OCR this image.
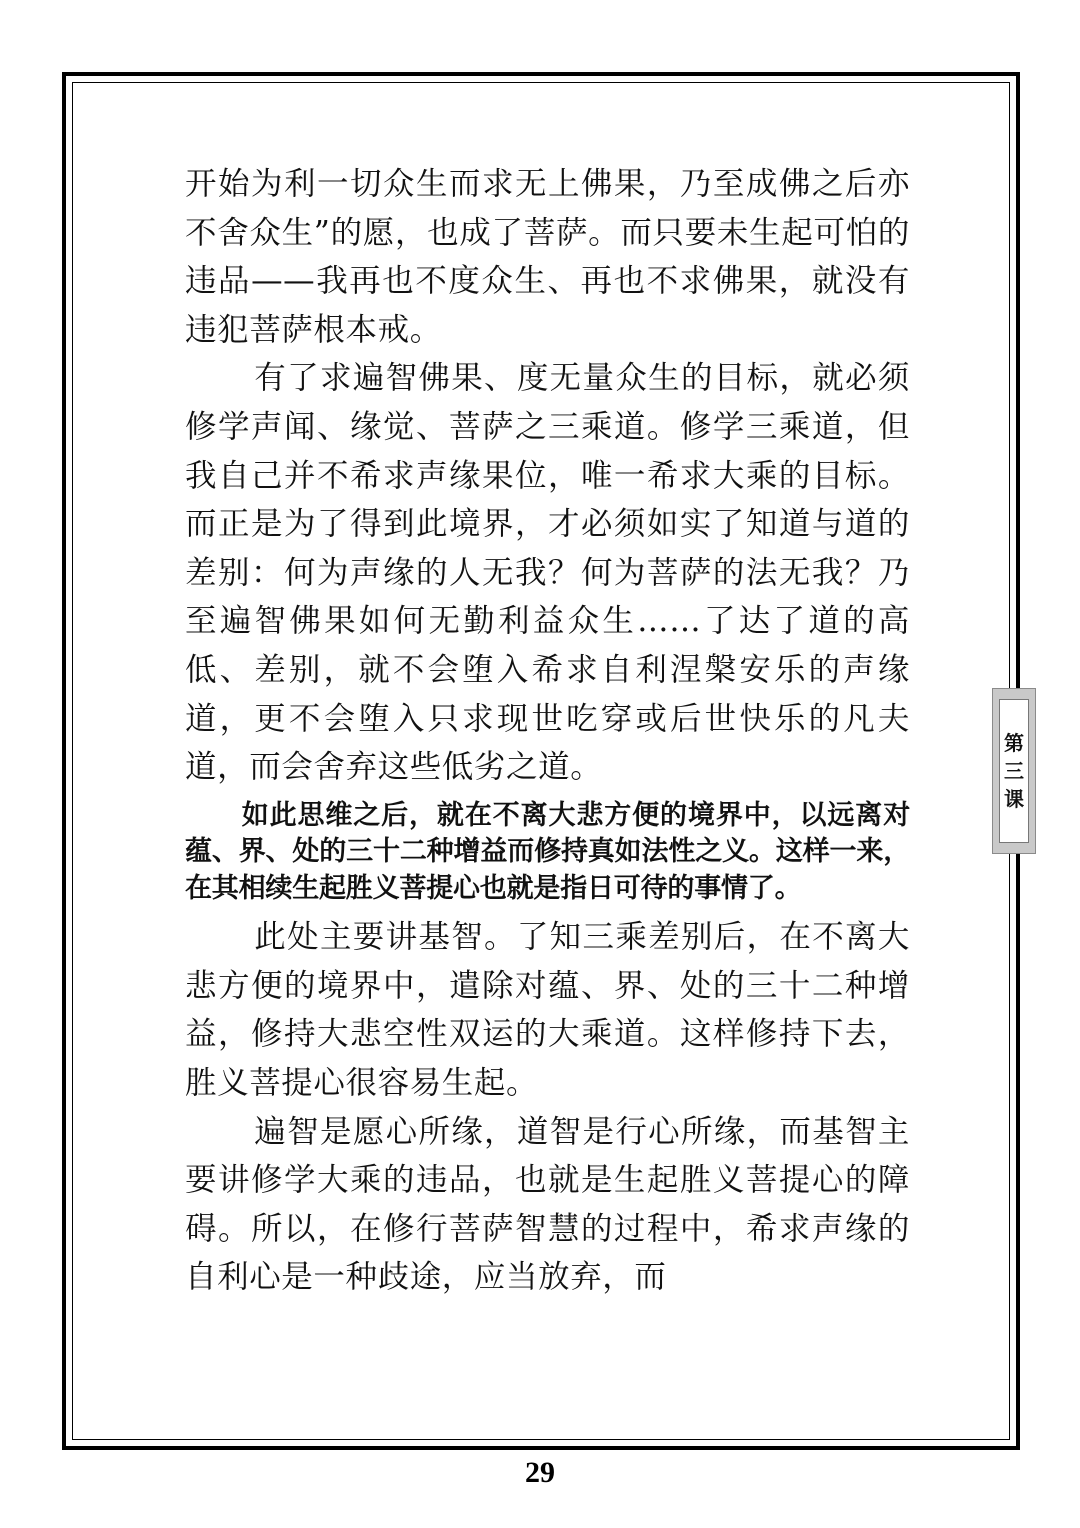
开始为利一切众生而求无上佛果，乃至成佛之后亦不舍众生”的愿，也成了菩萨。而只要未生起可怕的违品——我再也不度众生、再也不求佛果，就没有违犯菩萨根本戒。

有了求遍智佛果、度无量众生的目标，就必须修学声闻、缘觉、菩萨之三乘道。修学三乘道，但我自己并不希求声缘果位，唯一希求大乘的目标。而正是为了得到此境界，才必须如实了知道与道的差别：何为声缘的人无我？何为菩萨的法无我？乃至遍智佛果如何无勤利益众生……了达了道的高低、差别，就不会堕入希求自利涅槃安乐的声缘道，更不会堕入只求现世吃穿或后世快乐的凡夫道，而会舍弃这些低劣之道。

如此思维之后，就在不离大悲方便的境界中，以远离对蕴、界、处的三十二种增益而修持真如法性之义。这样一来，在其相续生起胜义菩提心也就是指日可待的事情了。

此处主要讲基智。了知三乘差别后，在不离大悲方便的境界中，遣除对蕴、界、处的三十二种增益，修持大悲空性双运的大乘道。这样修持下去，胜义菩提心很容易生起。

遍智是愿心所缘，道智是行心所缘，而基智主要讲修学大乘的违品，也就是生起胜义菩提心的障碍。所以，在修行菩萨智慧的过程中，希求声缘的自利心是一种歧途，应当放弃，而

第
三
课
29
